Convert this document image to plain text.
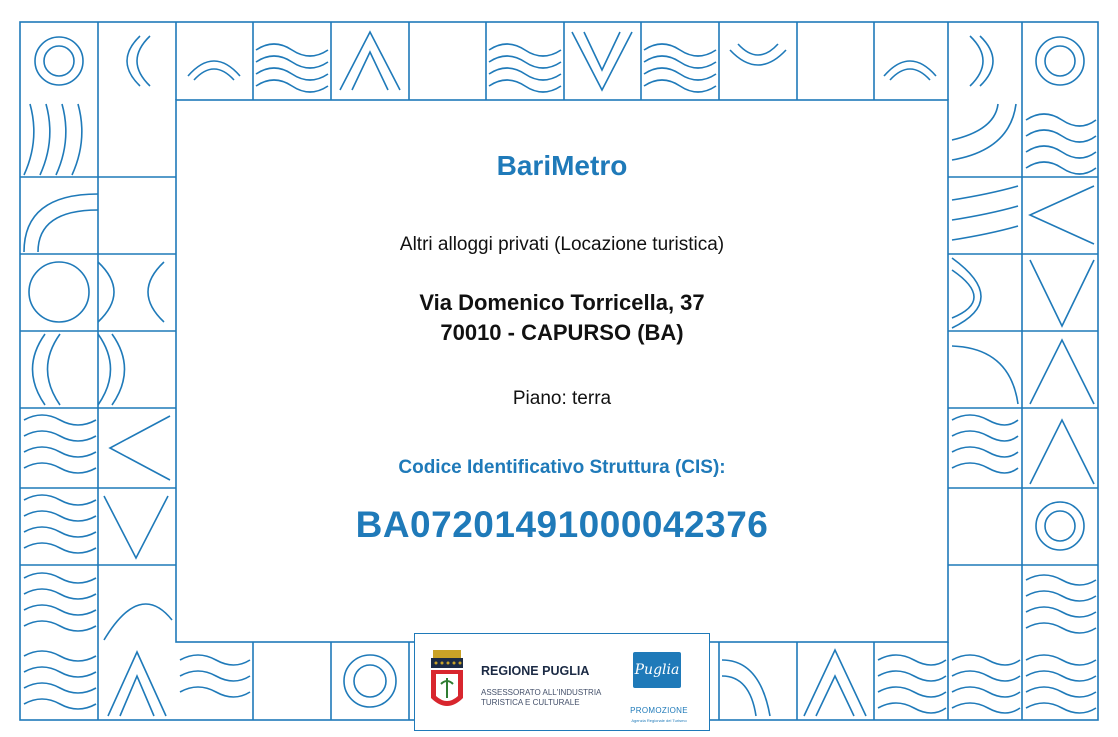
BariMetro
Altri alloggi privati (Locazione turistica)
Via Domenico Torricella, 37
70010 - CAPURSO (BA)
Piano: terra
Codice Identificativo Struttura (CIS):
BA07201491000042376
REGIONE PUGLIA
ASSESSORATO ALL'INDUSTRIA
TURISTICA E CULTURALE
Puglia
PROMOZIONE
Agenzia Regionale del Turismo
